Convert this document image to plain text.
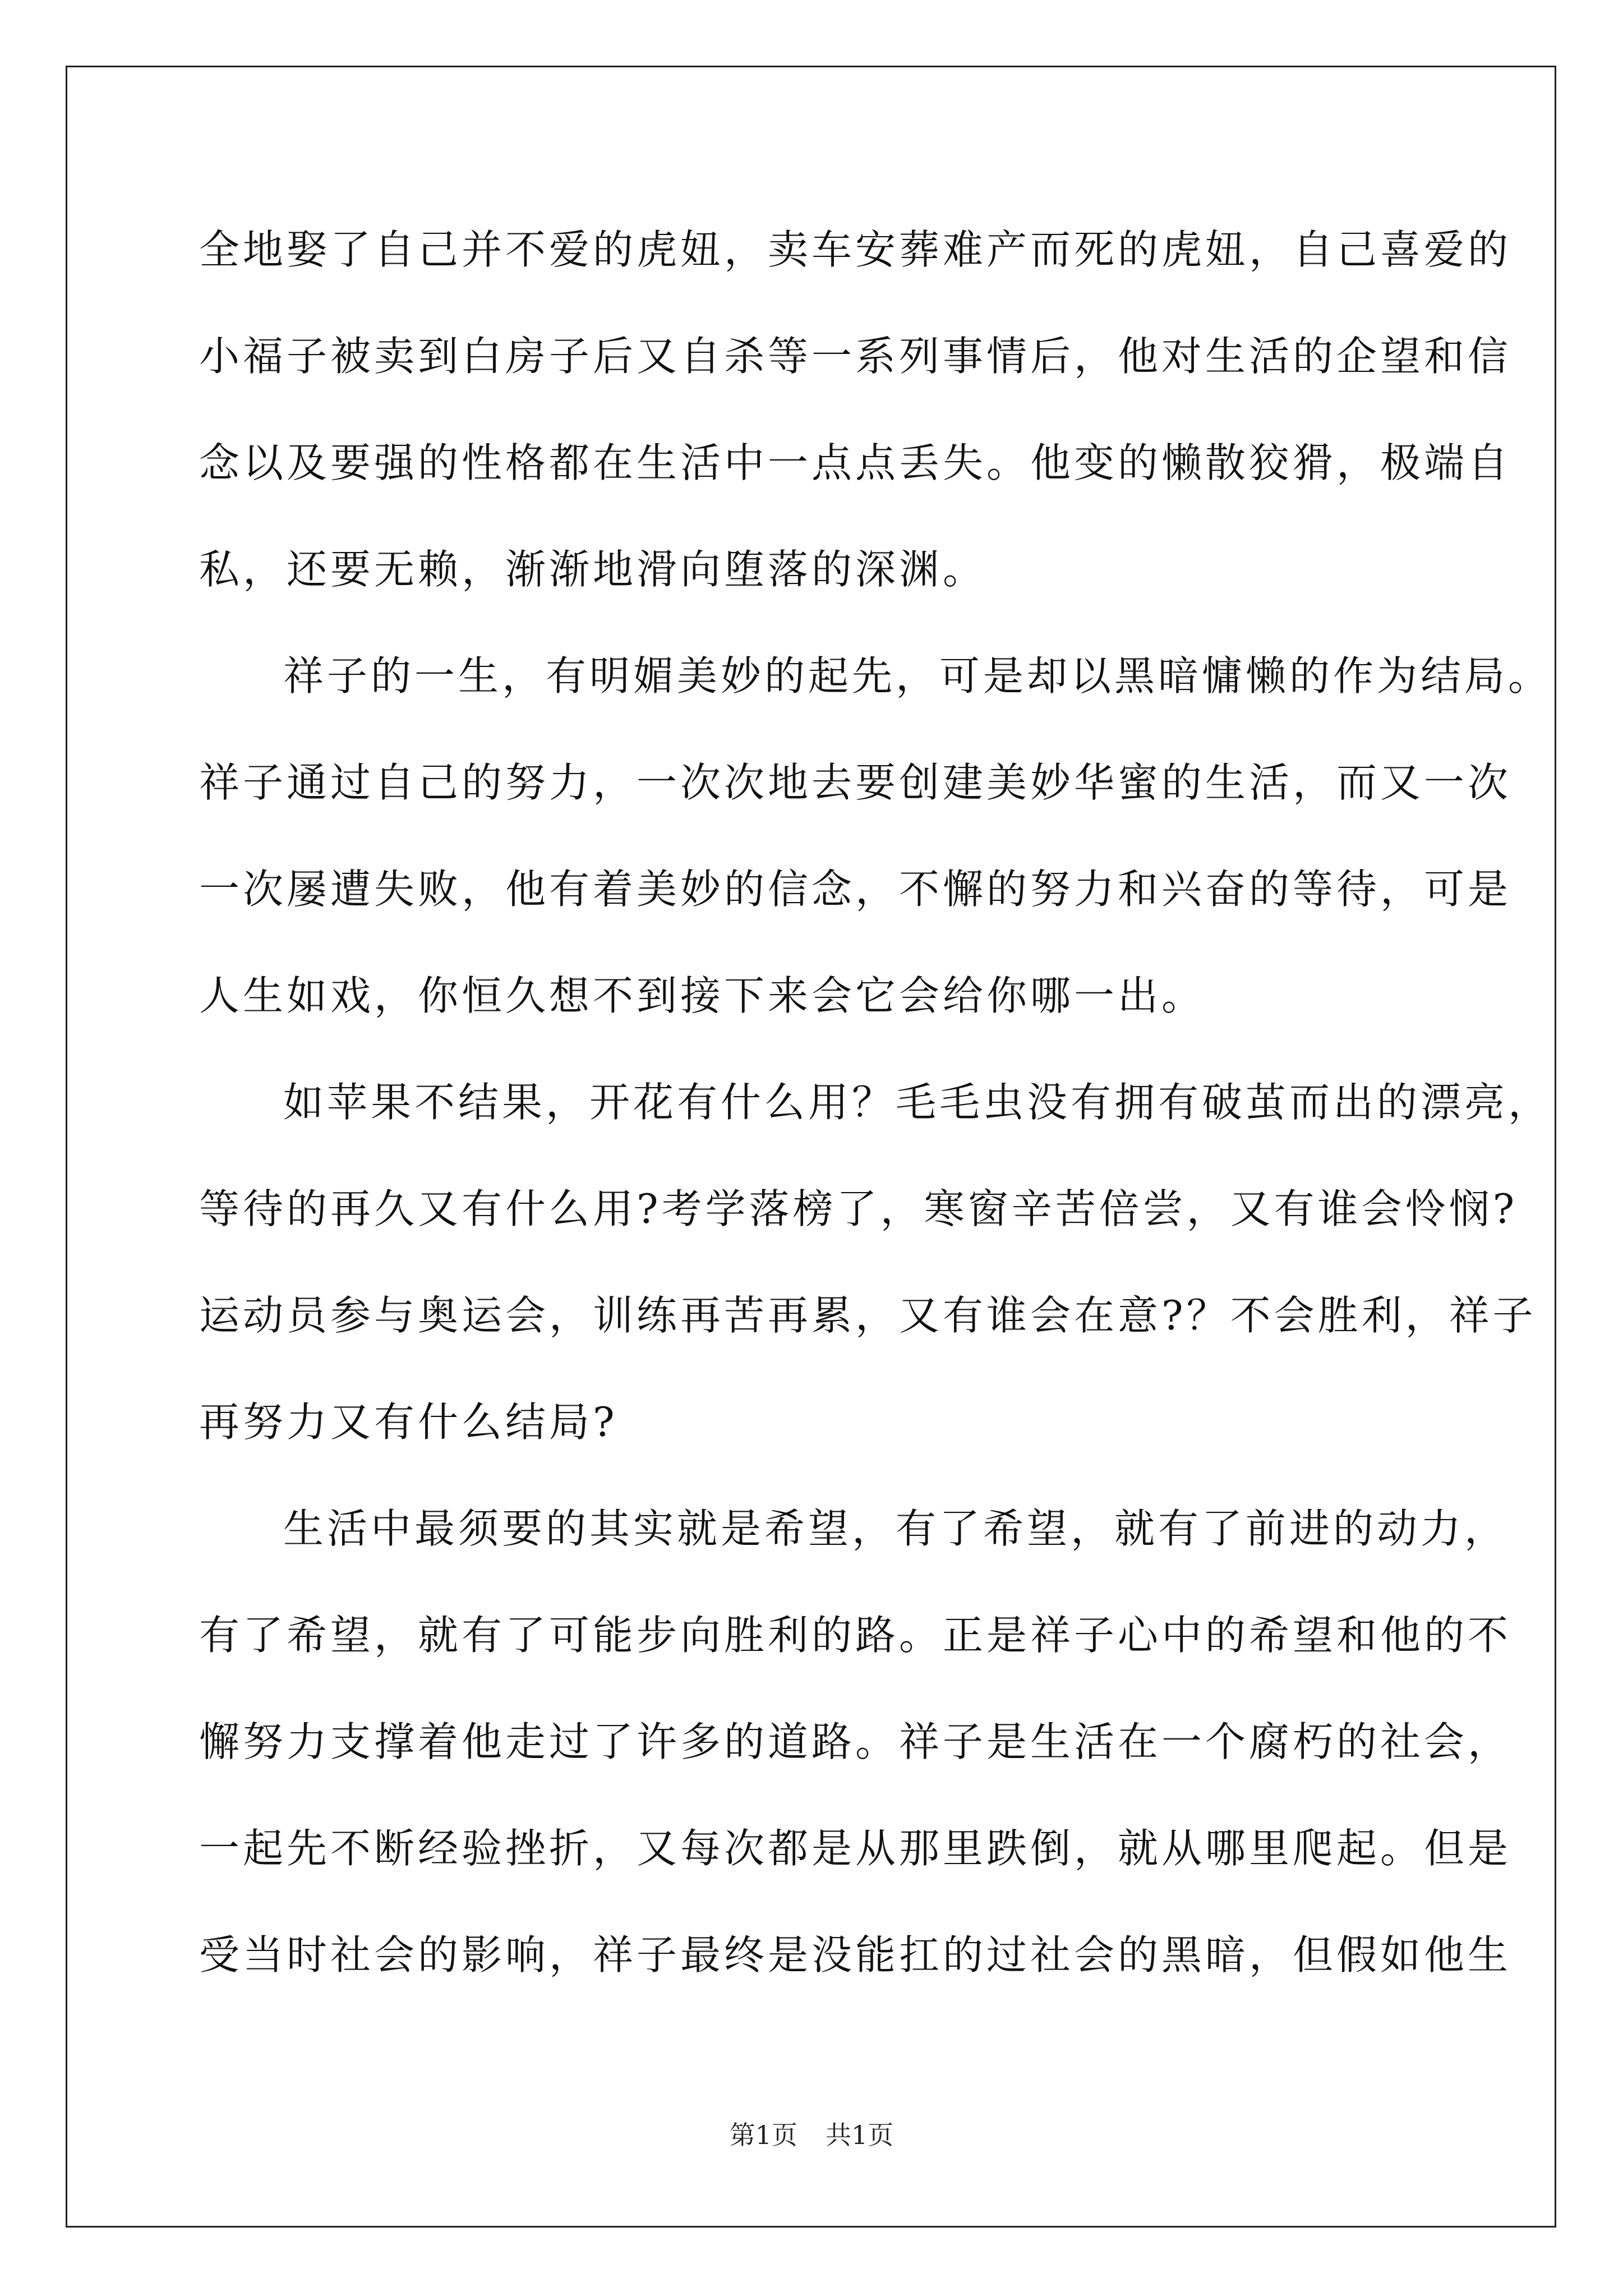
全地娶了自己并不爱的虎妞，卖车安葬难产而死的虎妞，自己喜爱的
小福子被卖到白房子后又自杀等一系列事情后，他对生活的企望和信
念以及要强的性格都在生活中一点点丢失。他变的懒散狡猾，极端自
私，还要无赖，渐渐地滑向堕落的深渊。
祥子的一生，有明媚美妙的起先，可是却以黑暗慵懒的作为结局。
祥子通过自己的努力，一次次地去要创建美妙华蜜的生活，而又一次
一次屡遭失败，他有着美妙的信念，不懈的努力和兴奋的等待，可是
人生如戏，你恒久想不到接下来会它会给你哪一出。
如苹果不结果，开花有什么用？毛毛虫没有拥有破茧而出的漂亮，
等待的再久又有什么用?考学落榜了，寒窗辛苦倍尝，又有谁会怜悯?
运动员参与奥运会，训练再苦再累，又有谁会在意?？不会胜利，祥子
再努力又有什么结局?
生活中最须要的其实就是希望，有了希望，就有了前进的动力，
有了希望，就有了可能步向胜利的路。正是祥子心中的希望和他的不
懈努力支撑着他走过了许多的道路。祥子是生活在一个腐朽的社会，
一起先不断经验挫折，又每次都是从那里跌倒，就从哪里爬起。但是
受当时社会的影响，祥子最终是没能扛的过社会的黑暗，但假如他生
第1页 共1页
